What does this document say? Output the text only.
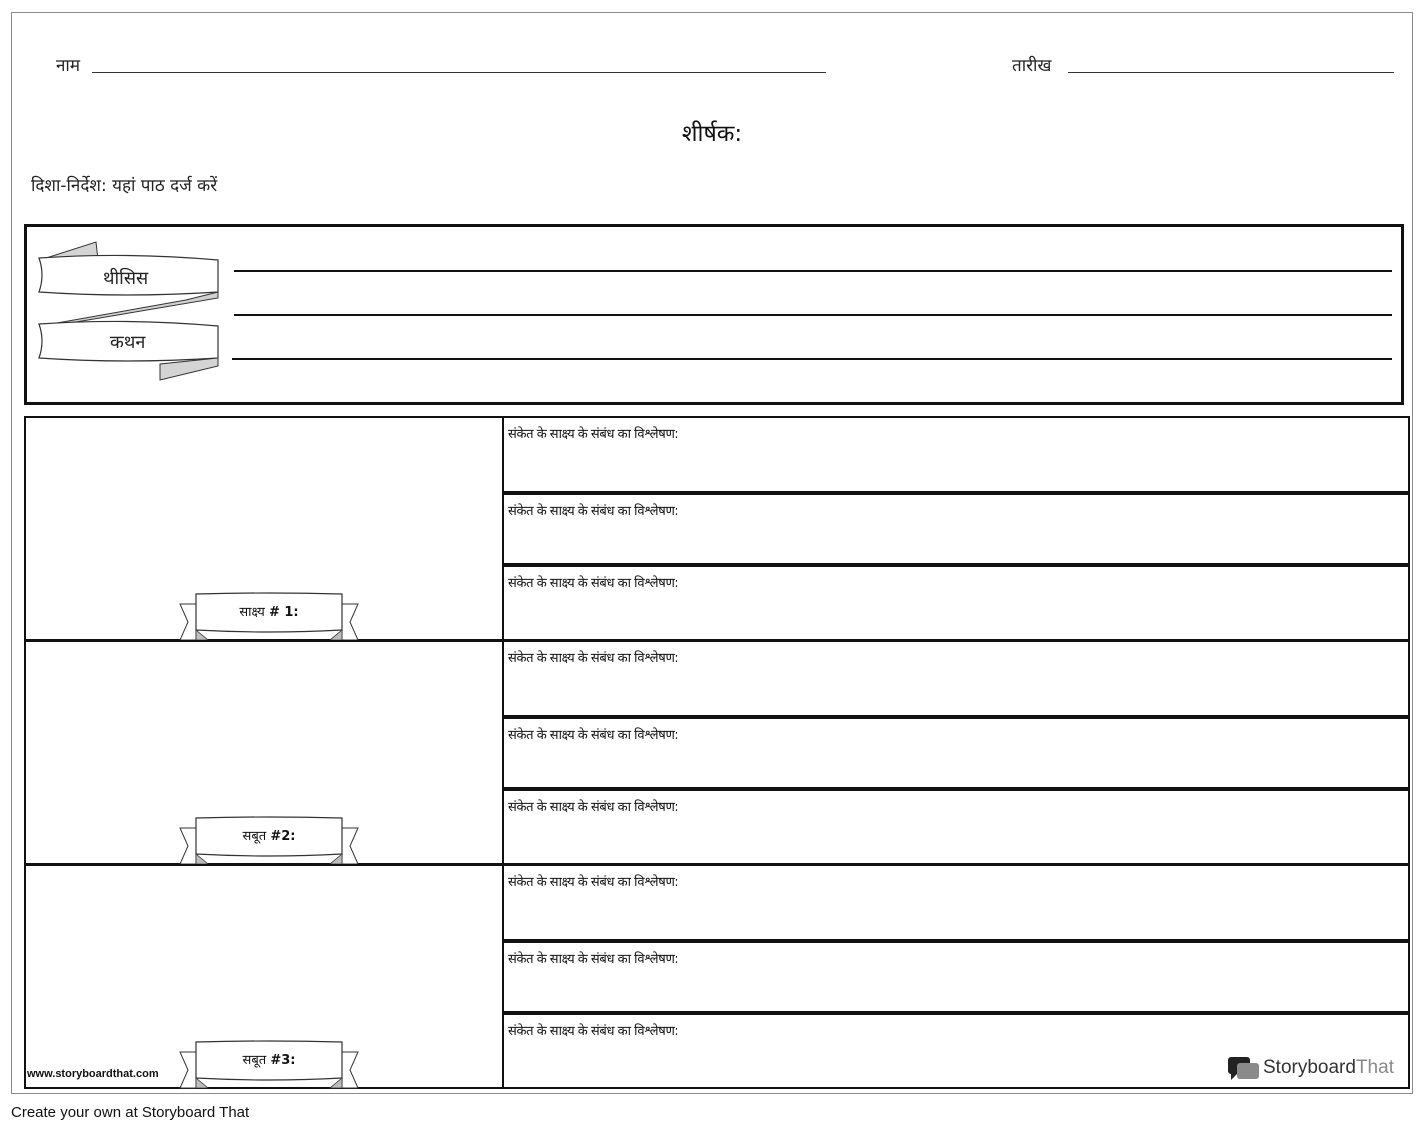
नाम	तारीख
शीर्षक:
दिशा-निर्देश: यहां पाठ दर्ज करें
थीसिस
कथन
साक्ष्य # 1:
संकेत के साक्ष्य के संबंध का विश्लेषण:
संकेत के साक्ष्य के संबंध का विश्लेषण:
संकेत के साक्ष्य के संबंध का विश्लेषण:
सबूत #2:
संकेत के साक्ष्य के संबंध का विश्लेषण:
संकेत के साक्ष्य के संबंध का विश्लेषण:
संकेत के साक्ष्य के संबंध का विश्लेषण:
सबूत #3:
संकेत के साक्ष्य के संबंध का विश्लेषण:
संकेत के साक्ष्य के संबंध का विश्लेषण:
संकेत के साक्ष्य के संबंध का विश्लेषण:
www.storyboardthat.com	StoryboardThat
Create your own at Storyboard That
